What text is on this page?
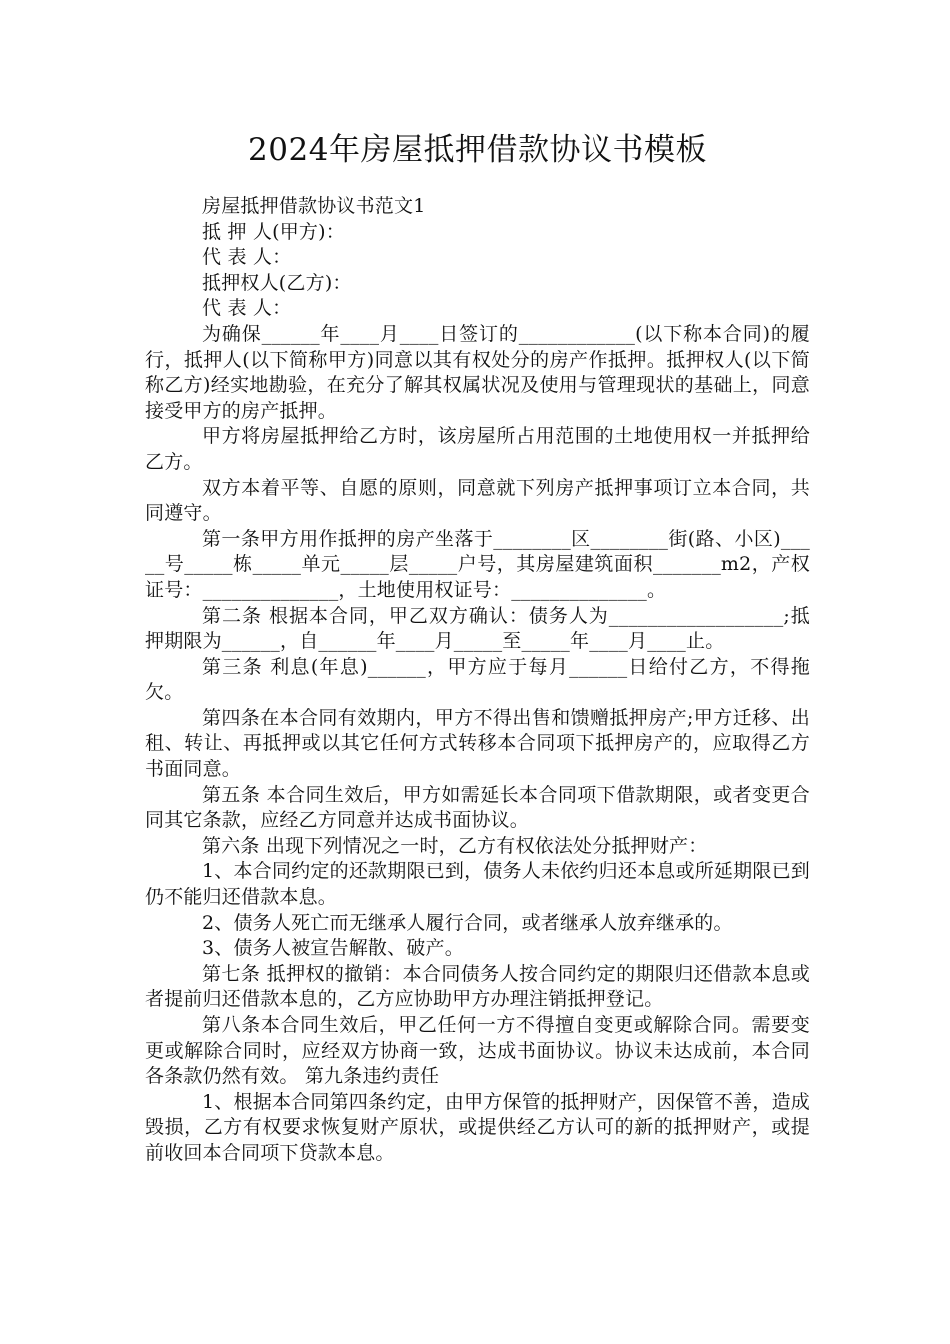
2024年房屋抵押借款协议书模板

房屋抵押借款协议书范文1

抵 押 人(甲方)：

代 表 人：

抵押权人(乙方)：

代 表 人：

为确保______年____月____日签订的____________(以下称本合同)的履行，抵押人(以下简称甲方)同意以其有权处分的房产作抵押。抵押权人(以下简称乙方)经实地勘验，在充分了解其权属状况及使用与管理现状的基础上，同意接受甲方的房产抵押。

甲方将房屋抵押给乙方时，该房屋所占用范围的土地使用权一并抵押给乙方。

双方本着平等、自愿的原则，同意就下列房产抵押事项订立本合同，共同遵守。

第一条甲方用作抵押的房产坐落于________区________街(路、小区)_____号_____栋_____单元_____层_____户号，其房屋建筑面积_______m2，产权证号：______________，土地使用权证号：______________。

第二条 根据本合同，甲乙双方确认：债务人为__________________;抵押期限为______，自______年____月_____至_____年____月____止。

第三条 利息(年息)______，甲方应于每月______日给付乙方，不得拖欠。

第四条在本合同有效期内，甲方不得出售和馈赠抵押房产;甲方迁移、出租、转让、再抵押或以其它任何方式转移本合同项下抵押房产的，应取得乙方书面同意。

第五条 本合同生效后，甲方如需延长本合同项下借款期限，或者变更合同其它条款，应经乙方同意并达成书面协议。

第六条 出现下列情况之一时，乙方有权依法处分抵押财产：

1、本合同约定的还款期限已到，债务人未依约归还本息或所延期限已到仍不能归还借款本息。

2、债务人死亡而无继承人履行合同，或者继承人放弃继承的。

3、债务人被宣告解散、破产。

第七条 抵押权的撤销：本合同债务人按合同约定的期限归还借款本息或者提前归还借款本息的，乙方应协助甲方办理注销抵押登记。

第八条本合同生效后，甲乙任何一方不得擅自变更或解除合同。需要变更或解除合同时，应经双方协商一致，达成书面协议。协议未达成前，本合同各条款仍然有效。 第九条违约责任

1、根据本合同第四条约定，由甲方保管的抵押财产，因保管不善，造成毁损，乙方有权要求恢复财产原状，或提供经乙方认可的新的抵押财产，或提前收回本合同项下贷款本息。
